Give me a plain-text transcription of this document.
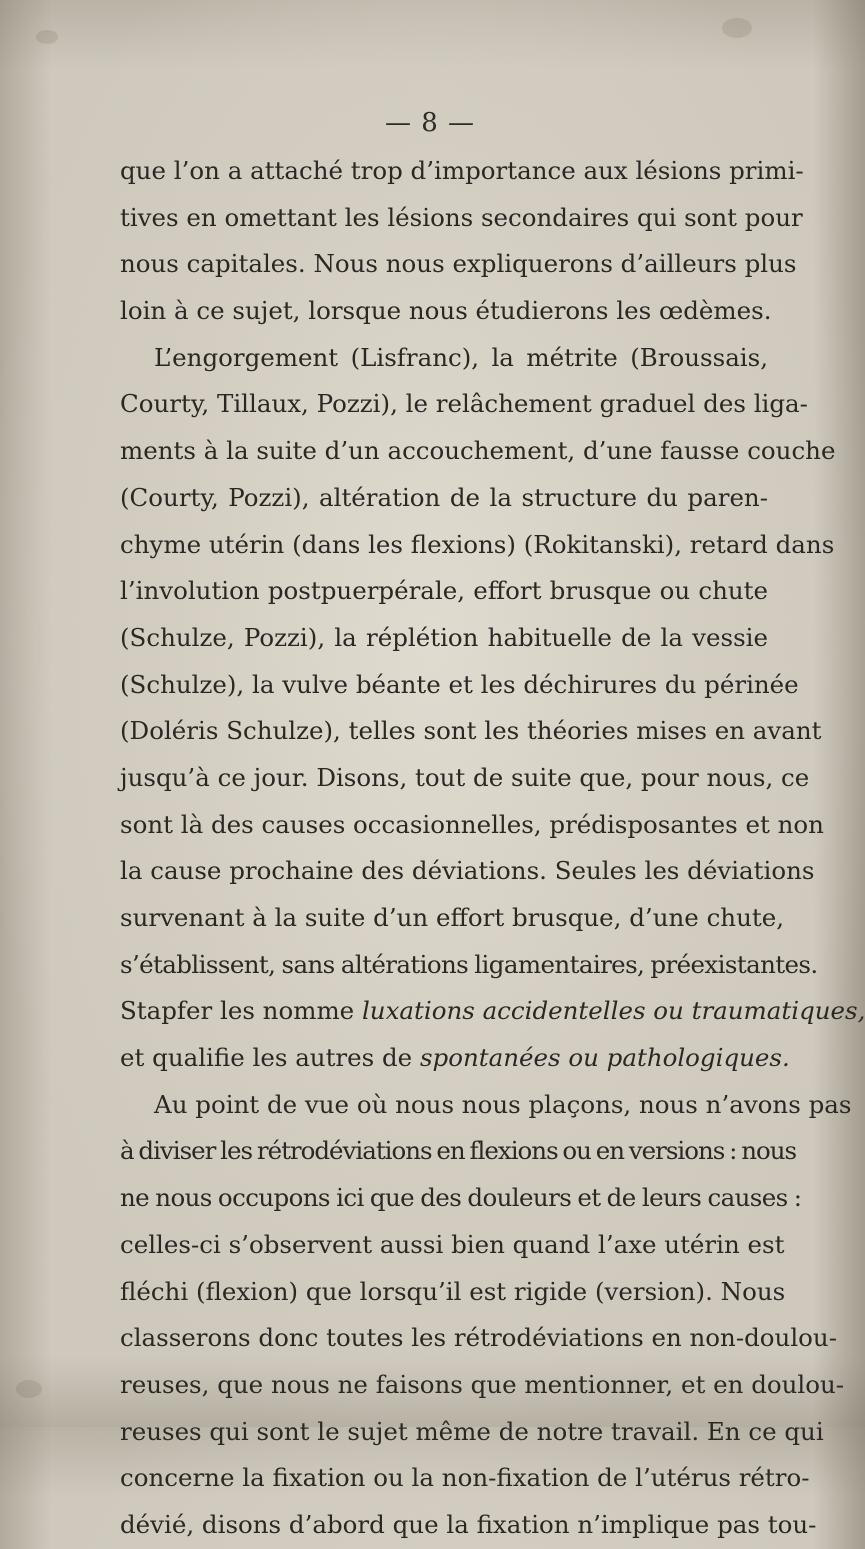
— 8 —
que l’on a attaché trop d’importance aux lésions primi-
tives en omettant les lésions secondaires qui sont pour
nous capitales. Nous nous expliquerons d’ailleurs plus
loin à ce sujet, lorsque nous étudierons les œdèmes.
L’engorgement (Lisfranc), la métrite (Broussais,
Courty, Tillaux, Pozzi), le relâchement graduel des liga-
ments à la suite d’un accouchement, d’une fausse couche
(Courty, Pozzi), altération de la structure du paren-
chyme utérin (dans les flexions) (Rokitanski), retard dans
l’involution postpuerpérale, effort brusque ou chute
(Schulze, Pozzi), la réplétion habituelle de la vessie
(Schulze), la vulve béante et les déchirures du périnée
(Doléris Schulze), telles sont les théories mises en avant
jusqu’à ce jour. Disons, tout de suite que, pour nous, ce
sont là des causes occasionnelles, prédisposantes et non
la cause prochaine des déviations. Seules les déviations
survenant à la suite d’un effort brusque, d’une chute,
s’établissent, sans altérations ligamentaires, préexistantes.
Stapfer les nomme luxations accidentelles ou traumatiques,
et qualifie les autres de spontanées ou pathologiques.
Au point de vue où nous nous plaçons, nous n’avons pas
à diviser les rétrodéviations en flexions ou en versions : nous
ne nous occupons ici que des douleurs et de leurs causes :
celles-ci s’observent aussi bien quand l’axe utérin est
fléchi (flexion) que lorsqu’il est rigide (version). Nous
classerons donc toutes les rétrodéviations en non-doulou-
reuses, que nous ne faisons que mentionner, et en doulou-
reuses qui sont le sujet même de notre travail. En ce qui
concerne la fixation ou la non-fixation de l’utérus rétro-
dévié, disons d’abord que la fixation n’implique pas tou-
